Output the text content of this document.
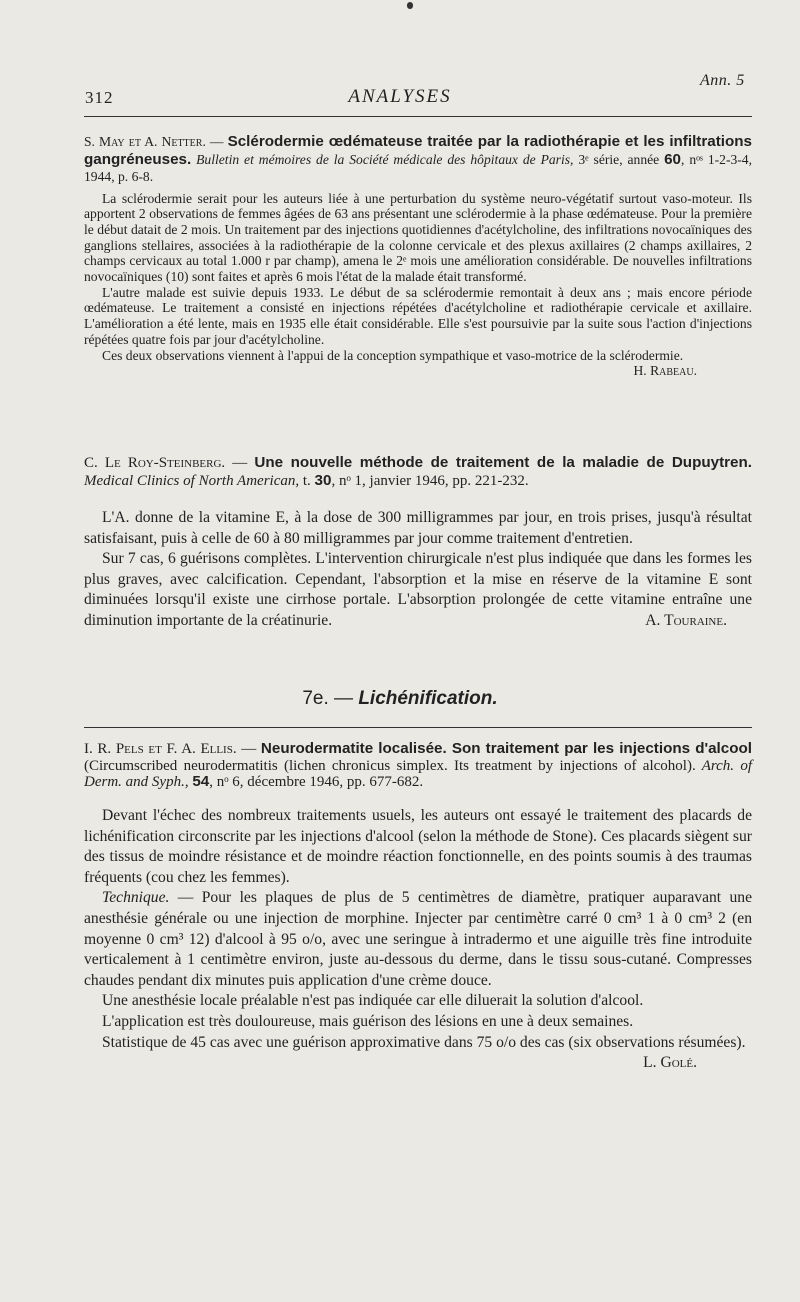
Ann. 5
312	ANALYSES

S. May et A. Netter. — Sclérodermie œdémateuse traitée par la radiothérapie et les infiltrations gangréneuses. Bulletin et mémoires de la Société médicale des hôpitaux de Paris, 3ᵉ série, année 60, nᵒˢ 1-2-3-4, 1944, p. 6-8.

La sclérodermie serait pour les auteurs liée à une perturbation du système neuro-végétatif surtout vaso-moteur. Ils apportent 2 observations de femmes âgées de 63 ans présentant une sclérodermie à la phase œdémateuse. Pour la première le début datait de 2 mois. Un traitement par des injections quotidiennes d'acétylcholine, des infiltrations novocaïniques des ganglions stellaires, associées à la radiothérapie de la colonne cervicale et des plexus axillaires (2 champs axillaires, 2 champs cervicaux au total 1.000 r par champ), amena le 2ᵉ mois une amélioration considérable. De nouvelles infiltrations novocaïniques (10) sont faites et après 6 mois l'état de la malade était transformé.

L'autre malade est suivie depuis 1933. Le début de sa sclérodermie remontait à deux ans ; mais encore période œdémateuse. Le traitement a consisté en injections répétées d'acétylcholine et radiothérapie cervicale et axillaire. L'amélioration a été lente, mais en 1935 elle était considérable. Elle s'est poursuivie par la suite sous l'action d'injections répétées quatre fois par jour d'acétylcholine.

Ces deux observations viennent à l'appui de la conception sympathique et vaso-motrice de la sclérodermie.
H. Rabeau.

C. Le Roy-Steinberg. — Une nouvelle méthode de traitement de la maladie de Dupuytren. Medical Clinics of North American, t. 30, nᵒ 1, janvier 1946, pp. 221-232.

L'A. donne de la vitamine E, à la dose de 300 milligrammes par jour, en trois prises, jusqu'à résultat satisfaisant, puis à celle de 60 à 80 milligrammes par jour comme traitement d'entretien.

Sur 7 cas, 6 guérisons complètes. L'intervention chirurgicale n'est plus indiquée que dans les formes les plus graves, avec calcification. Cependant, l'absorption et la mise en réserve de la vitamine E sont diminuées lorsqu'il existe une cirrhose portale. L'absorption prolongée de cette vitamine entraîne une diminution importante de la créatinurie.	A. Touraine.

7e. — Lichénification.

I. R. Pels et F. A. Ellis. — Neurodermatite localisée. Son traitement par les injections d'alcool (Circumscribed neurodermatitis (lichen chronicus simplex. Its treatment by injections of alcohol). Arch. of Derm. and Syph., 54, nᵒ 6, décembre 1946, pp. 677-682.

Devant l'échec des nombreux traitements usuels, les auteurs ont essayé le traitement des placards de lichénification circonscrite par les injections d'alcool (selon la méthode de Stone). Ces placards siègent sur des tissus de moindre résistance et de moindre réaction fonctionnelle, en des points soumis à des traumas fréquents (cou chez les femmes).

Technique. — Pour les plaques de plus de 5 centimètres de diamètre, pratiquer auparavant une anesthésie générale ou une injection de morphine. Injecter par centimètre carré 0 cm³ 1 à 0 cm³ 2 (en moyenne 0 cm³ 12) d'alcool à 95 o/o, avec une seringue à intradermo et une aiguille très fine introduite verticalement à 1 centimètre environ, juste au-dessous du derme, dans le tissu sous-cutané. Compresses chaudes pendant dix minutes puis application d'une crème douce.

Une anesthésie locale préalable n'est pas indiquée car elle diluerait la solution d'alcool.

L'application est très douloureuse, mais guérison des lésions en une à deux semaines.

Statistique de 45 cas avec une guérison approximative dans 75 o/o des cas (six observations résumées).
L. Golé.
